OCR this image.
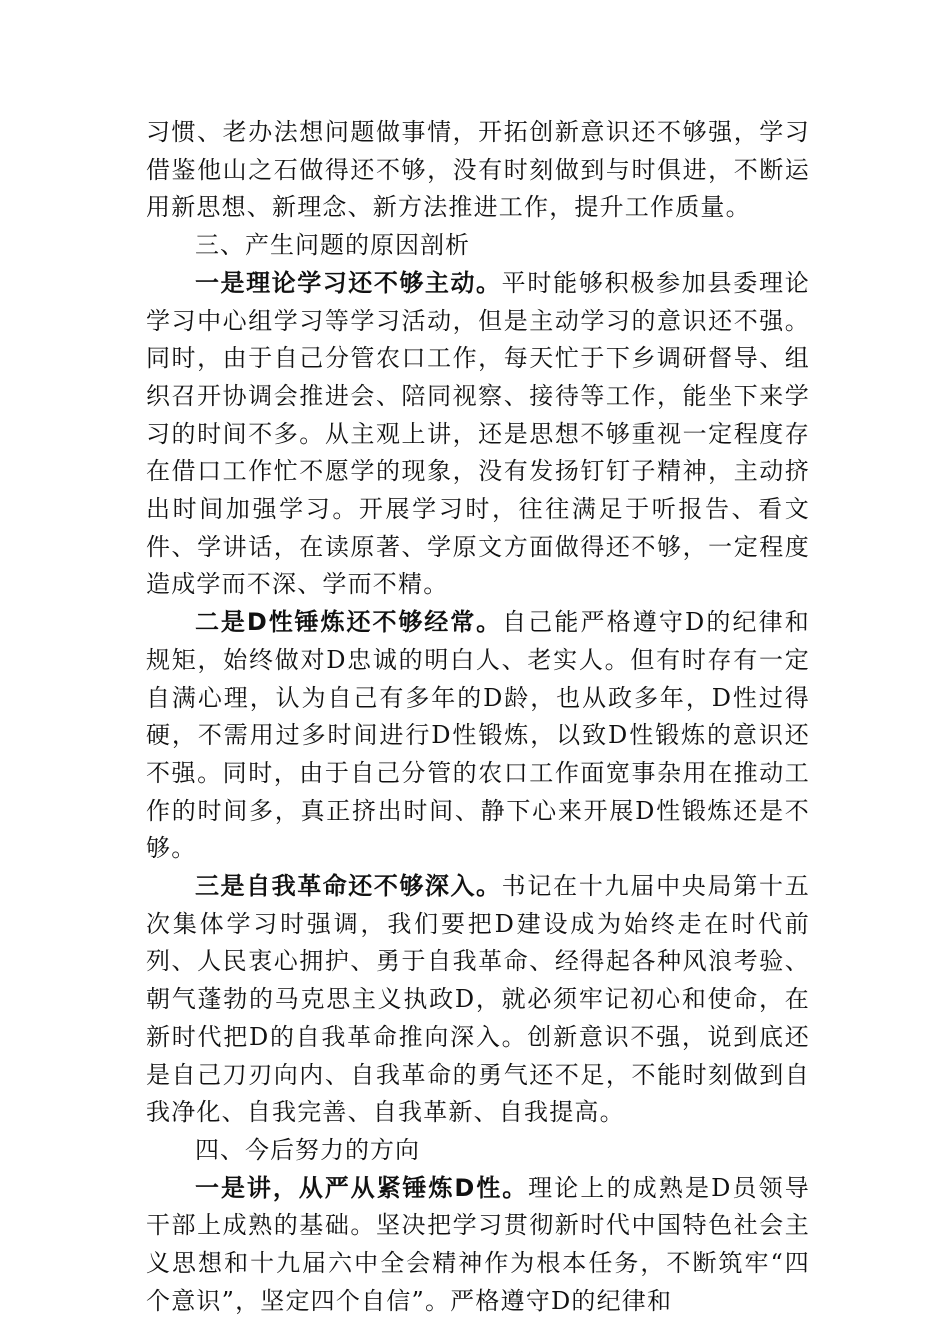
习惯、老办法想问题做事情，开拓创新意识还不够强，学习借鉴他山之石做得还不够，没有时刻做到与时俱进，不断运用新思想、新理念、新方法推进工作，提升工作质量。

三、产生问题的原因剖析

一是理论学习还不够主动。平时能够积极参加县委理论学习中心组学习等学习活动，但是主动学习的意识还不强。同时，由于自己分管农口工作，每天忙于下乡调研督导、组织召开协调会推进会、陪同视察、接待等工作，能坐下来学习的时间不多。从主观上讲，还是思想不够重视一定程度存在借口工作忙不愿学的现象，没有发扬钉钉子精神，主动挤出时间加强学习。开展学习时，往往满足于听报告、看文件、学讲话，在读原著、学原文方面做得还不够，一定程度造成学而不深、学而不精。

二是D性锤炼还不够经常。自己能严格遵守D的纪律和规矩，始终做对D忠诚的明白人、老实人。但有时存有一定自满心理，认为自己有多年的D龄，也从政多年，D性过得硬，不需用过多时间进行D性锻炼，以致D性锻炼的意识还不强。同时，由于自己分管的农口工作面宽事杂用在推动工作的时间多，真正挤出时间、静下心来开展D性锻炼还是不够。

三是自我革命还不够深入。书记在十九届中央局第十五次集体学习时强调，我们要把D建设成为始终走在时代前列、人民衷心拥护、勇于自我革命、经得起各种风浪考验、朝气蓬勃的马克思主义执政D，就必须牢记初心和使命，在新时代把D的自我革命推向深入。创新意识不强，说到底还是自己刀刃向内、自我革命的勇气还不足，不能时刻做到自我净化、自我完善、自我革新、自我提高。

四、今后努力的方向

一是讲，从严从紧锤炼D性。理论上的成熟是D员领导干部上成熟的基础。坚决把学习贯彻新时代中国特色社会主义思想和十九届六中全会精神作为根本任务，不断筑牢“四个意识”，坚定四个自信”。严格遵守D的纪律和
